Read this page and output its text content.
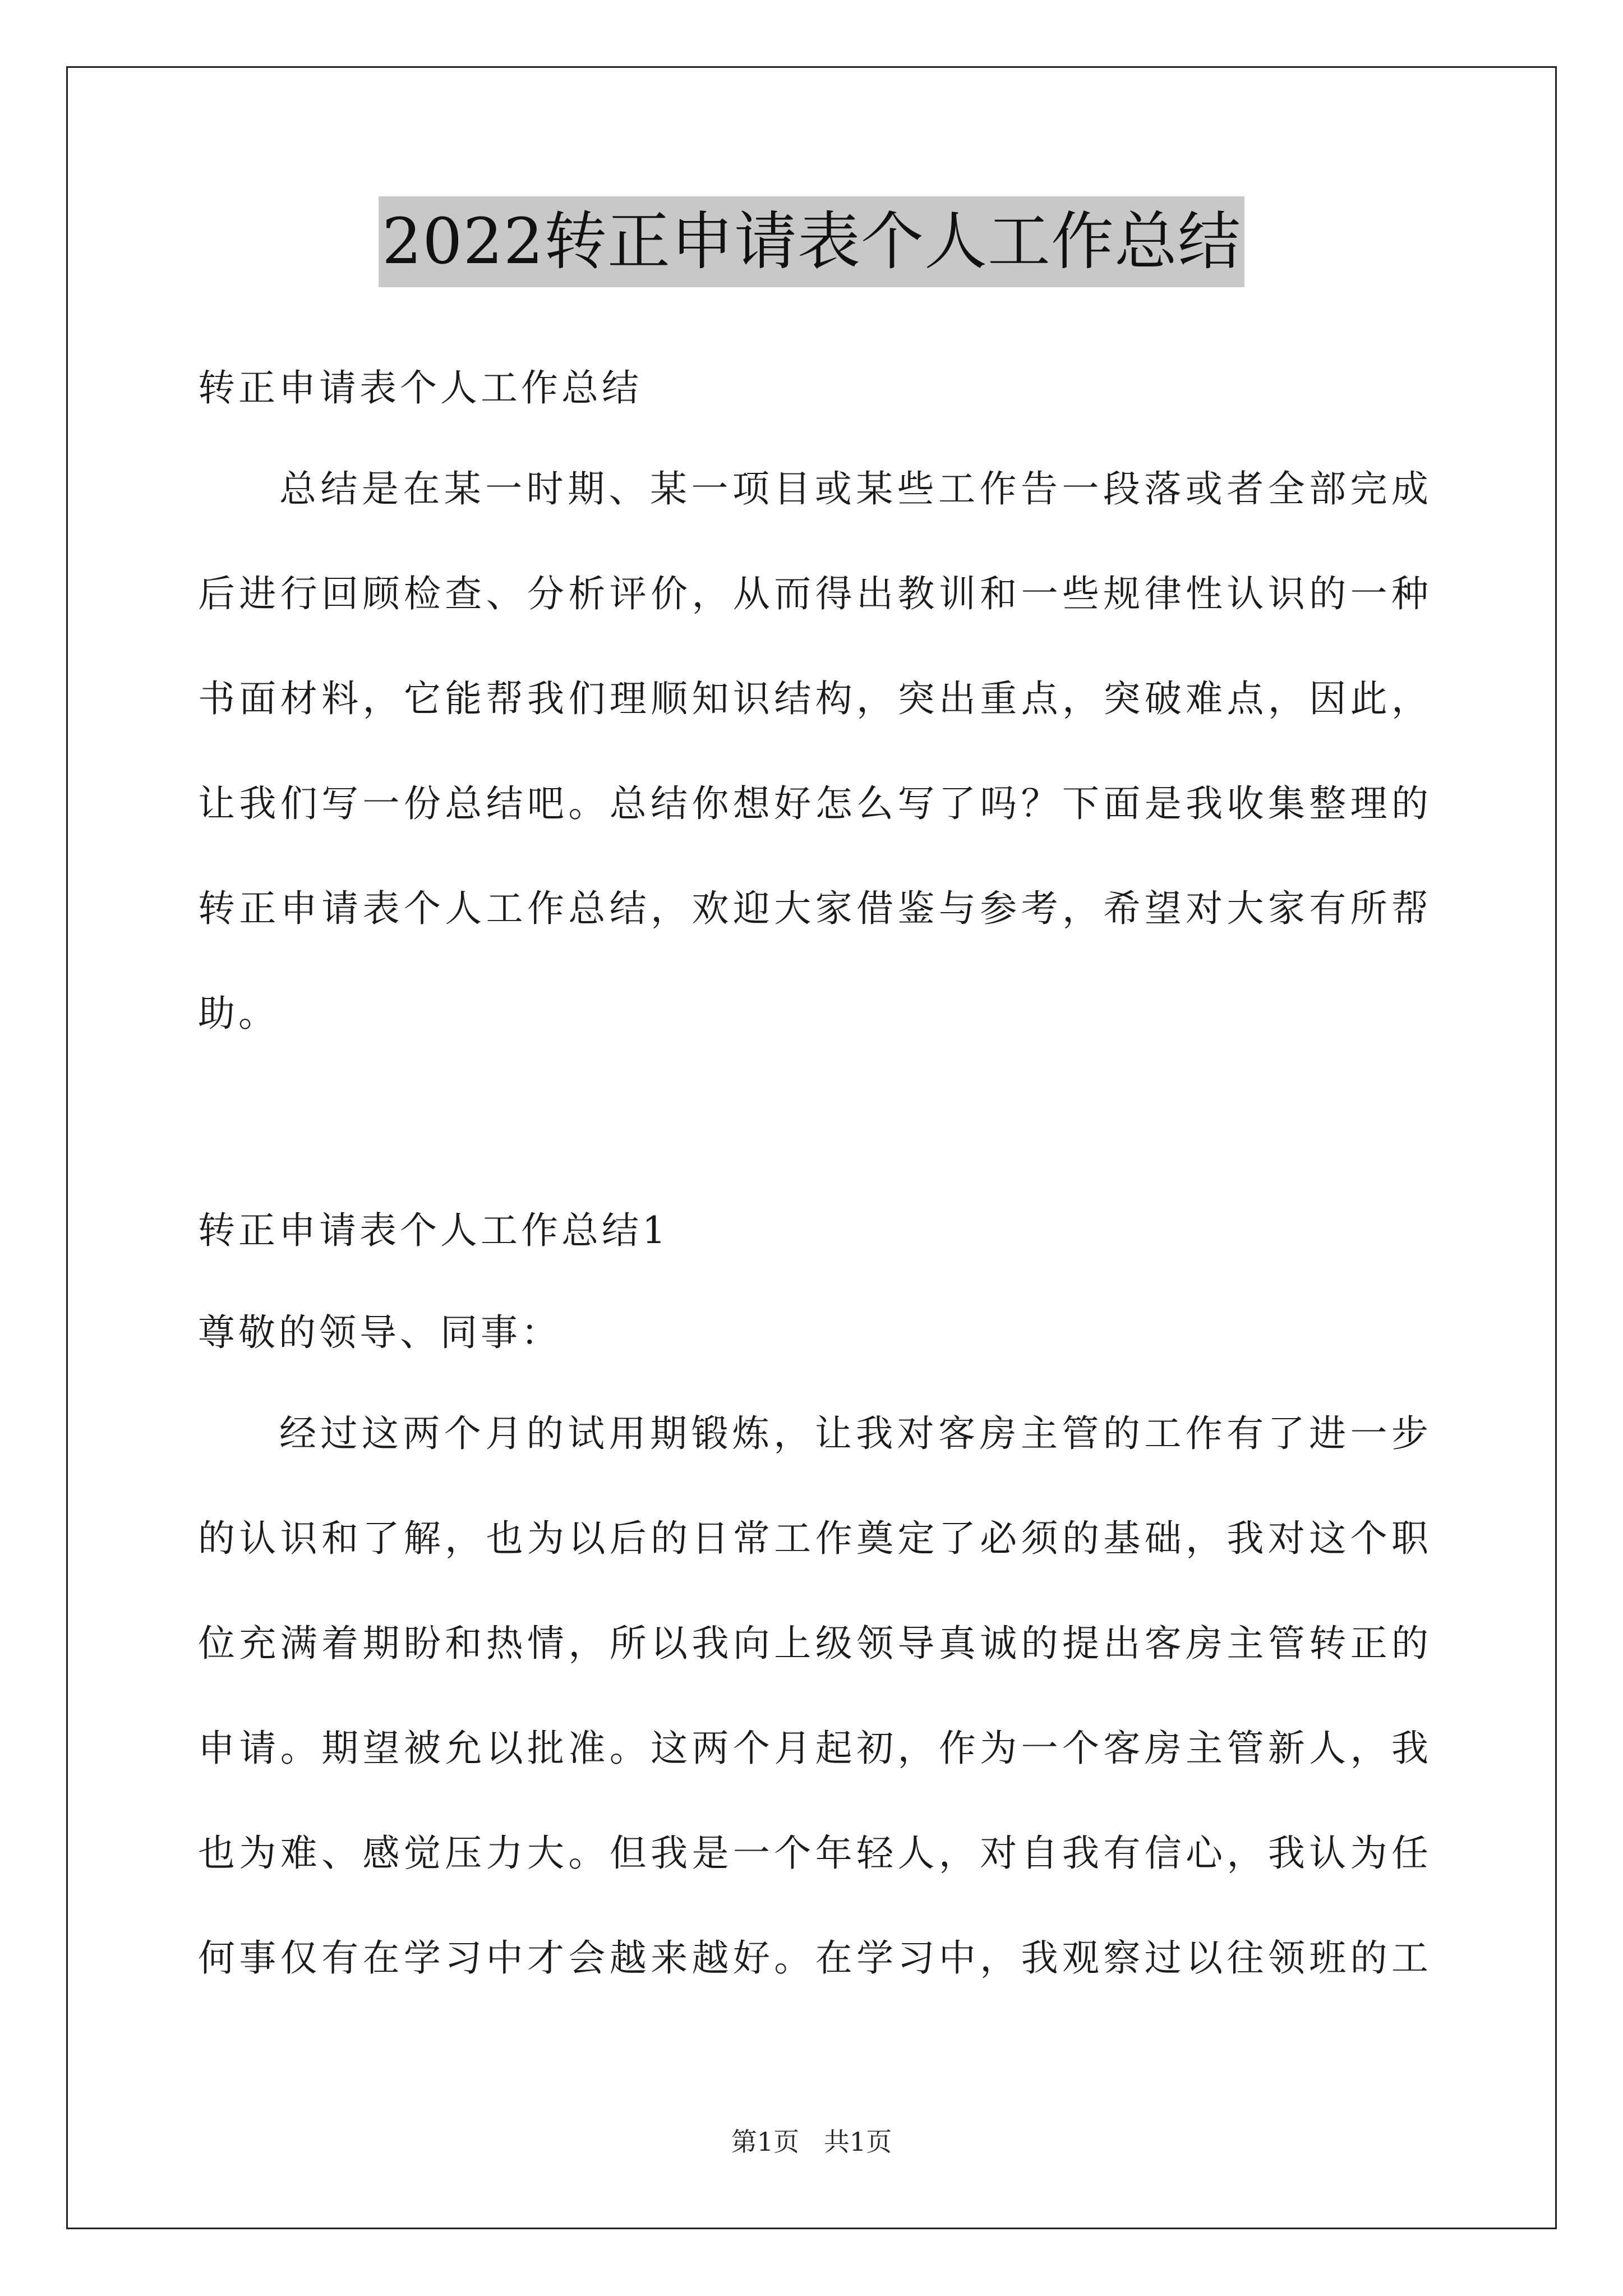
2022转正申请表个人工作总结
转正申请表个人工作总结
总结是在某一时期、某一项目或某些工作告一段落或者全部完成
后进行回顾检查、分析评价，从而得出教训和一些规律性认识的一种
书面材料，它能帮我们理顺知识结构，突出重点，突破难点，因此，
让我们写一份总结吧。总结你想好怎么写了吗？下面是我收集整理的
转正申请表个人工作总结，欢迎大家借鉴与参考，希望对大家有所帮
助。
转正申请表个人工作总结1
尊敬的领导、同事：
经过这两个月的试用期锻炼，让我对客房主管的工作有了进一步
的认识和了解，也为以后的日常工作奠定了必须的基础，我对这个职
位充满着期盼和热情，所以我向上级领导真诚的提出客房主管转正的
申请。期望被允以批准。这两个月起初，作为一个客房主管新人，我
也为难、感觉压力大。但我是一个年轻人，对自我有信心，我认为任
何事仅有在学习中才会越来越好。在学习中，我观察过以往领班的工
第1页   共1页
